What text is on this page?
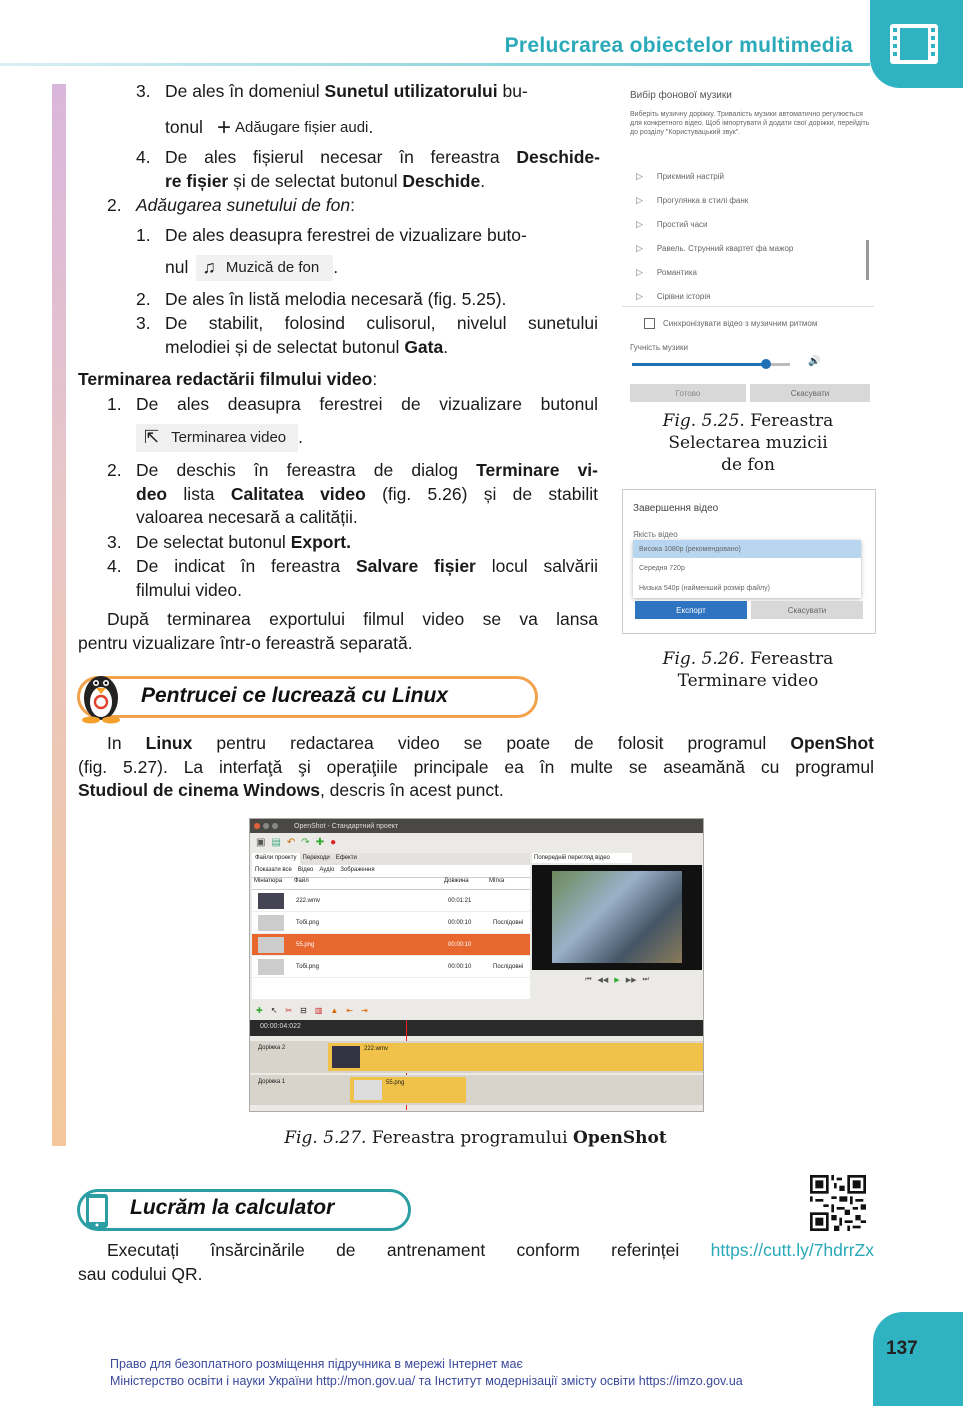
Prelucrarea obiectelor multimedia
3. De ales în domeniul Sunetul utilizatorului bu-
tonul + Adăugare fișier audi .
4. De ales fișierul necesar în fereastra Deschide-
re fișier și de selectat butonul Deschide.
2. Adăugarea sunetului de fon:
1. De ales deasupra ferestrei de vizualizare buto-
nul ♫ Muzică de fon .
2. De ales în listă melodia necesară (fig. 5.25).
3. De stabilit, folosind culisorul, nivelul sunetului
melodiei și de selectat butonul Gata.
Terminarea redactării filmului video:
1. De ales deasupra ferestrei de vizualizare butonul
⇱ Terminarea video .
2. De deschis în fereastra de dialog Terminare vi-
deo lista Calitatea video (fig. 5.26) și de stabilit
valoarea necesară a calității.
3. De selectat butonul Export.
4. De indicat în fereastra Salvare fișier locul salvării
filmului video.
După terminarea exportului filmul video se va lansa
pentru vizualizare într-o fereastră separată.
Вибір фонової музики
Виберіть музичну доріжку. Тривалість музики автоматично регулюється для конкретного відео. Щоб імпортувати й додати свої доріжки, перейдіть до розділу "Користувацький звук".
▷ Приємний настрій
▷ Прогулянка в стилі фанк
▷ Простий часи
▷ Равель. Струнний квартет фа мажор
▷ Романтика
▷ Сірівни історія
Синхронізувати відео з музичним ритмом
Гучність музики
🔊
Готово	Скасувати
Fig. 5.25. Fereastra
Selectarea muzicii
de fon
Завершення відео
Якість відео
Висока 1080p (рекомендовано)
Середня 720p
Низька 540p (найменший розмір файлу)
Експорт	Скасувати
Fig. 5.26. Fereastra
Terminare video
Pentrucei ce lucrează cu Linux
In Linux pentru redactarea video se poate de folosit programul OpenShot
(fig. 5.27). La interfaţă şi operaţiile principale ea în multe se aseamănă cu programul
Studioul de cinema Windows, descris în acest punct.
OpenShot - Стандартний проект
▣ ▤ ↶ ↷ ✚ ●
Файли проекту	Переходи	Ефекти
Показати все	Відео	Аудіо	Зображення
Мініатюра	Файл	Довжина	Мітка
222.wmv	00:01:21
Тобі.png	00:00:10	Послідовні
55.png	00:00:10
Тобі.png	00:00:10	Послідовні
Попередній перегляд відео
⏮ ◀◀ ▶ ▶▶ ⏭
✚ ↖ ✂ ⊟ ▥ ▲ ⇤ ⇥
00:00:04:022
Доріжка 2	222.wmv
Доріжка 1	55.png
Fig. 5.27. Fereastra programului OpenShot
Lucrăm la calculator
Executați însărcinările de antrenament conform referinței https://cutt.ly/7hdrrZx
sau codului QR.
137
Право для безоплатного розміщення підручника в мережі Інтернет має
Міністерство освіти і науки України http://mon.gov.ua/ та Інститут модернізації змісту освіти https://imzo.gov.ua
